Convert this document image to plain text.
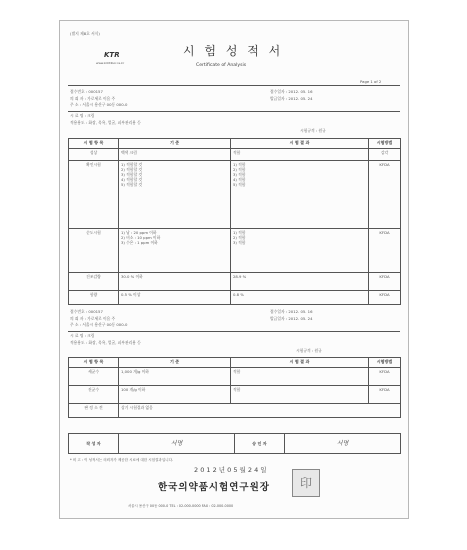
(별지 제8호 서식)
KTR
www.kotitibor.re.kr
시 험 성 적 서
Certificate of Analysis
Page 1 of 2
접수번호 : 000157
의 뢰 자 : 가로세로 이음 주
주 소 : 서울시 용산구 00동 000-0
접수일자 : 2012. 05. 16
발급일자 : 2012. 05. 24
시 료 명 : 크림
적용용도 : 화장, 목욕, 얼굴, 피부관리용 등
시험규격 : 원규
시 험 항 목	기 준	시 험 결 과	시험방법
성상	백색 크림	적합	감각
확인시험	1) 적합할 것
2) 적합할 것
3) 적합할 것
4) 적합할 것
5) 적합할 것	1) 적합
2) 적합
3) 적합
4) 적합
5) 적합	KFDA
순도시험	1) 납 : 20 ppm 이하
2) 비소 : 10 ppm 이하
3) 수은 : 1 ppm 이하	1) 적합
2) 적합
3) 적합	KFDA
건조감량	30.0 % 이하	28.9 %	KFDA
함량	0.5 % 이상	0.8 %	KFDA
접수번호 : 000157
의 뢰 자 : 가로세로 이음 주
주 소 : 서울시 용산구 00동 000-0
접수일자 : 2012. 05. 16
발급일자 : 2012. 05. 24
시 료 명 : 크림
적용용도 : 화장, 목욕, 얼굴, 피부관리용 등
시험규격 : 원규
시 험 항 목	기 준	시 험 결 과	시험방법
세균수	1,000 개/g 이하	적합	KFDA
진균수	100 개/g 이하	적합	KFDA
판 정 소 견	상기 시험결과 없음		
작 성 자	서명	승 인 자	서명
* 비 고 : 이 성적서는 의뢰자가 제공한 시료에 대한 시험결과입니다.
2 0 1 2 년 0 5 월 2 4 일
한국의약품시험연구원장	印
서울시 용산구 00동 000-0 TEL : 02-000-0000 FAX : 02-000-0000
